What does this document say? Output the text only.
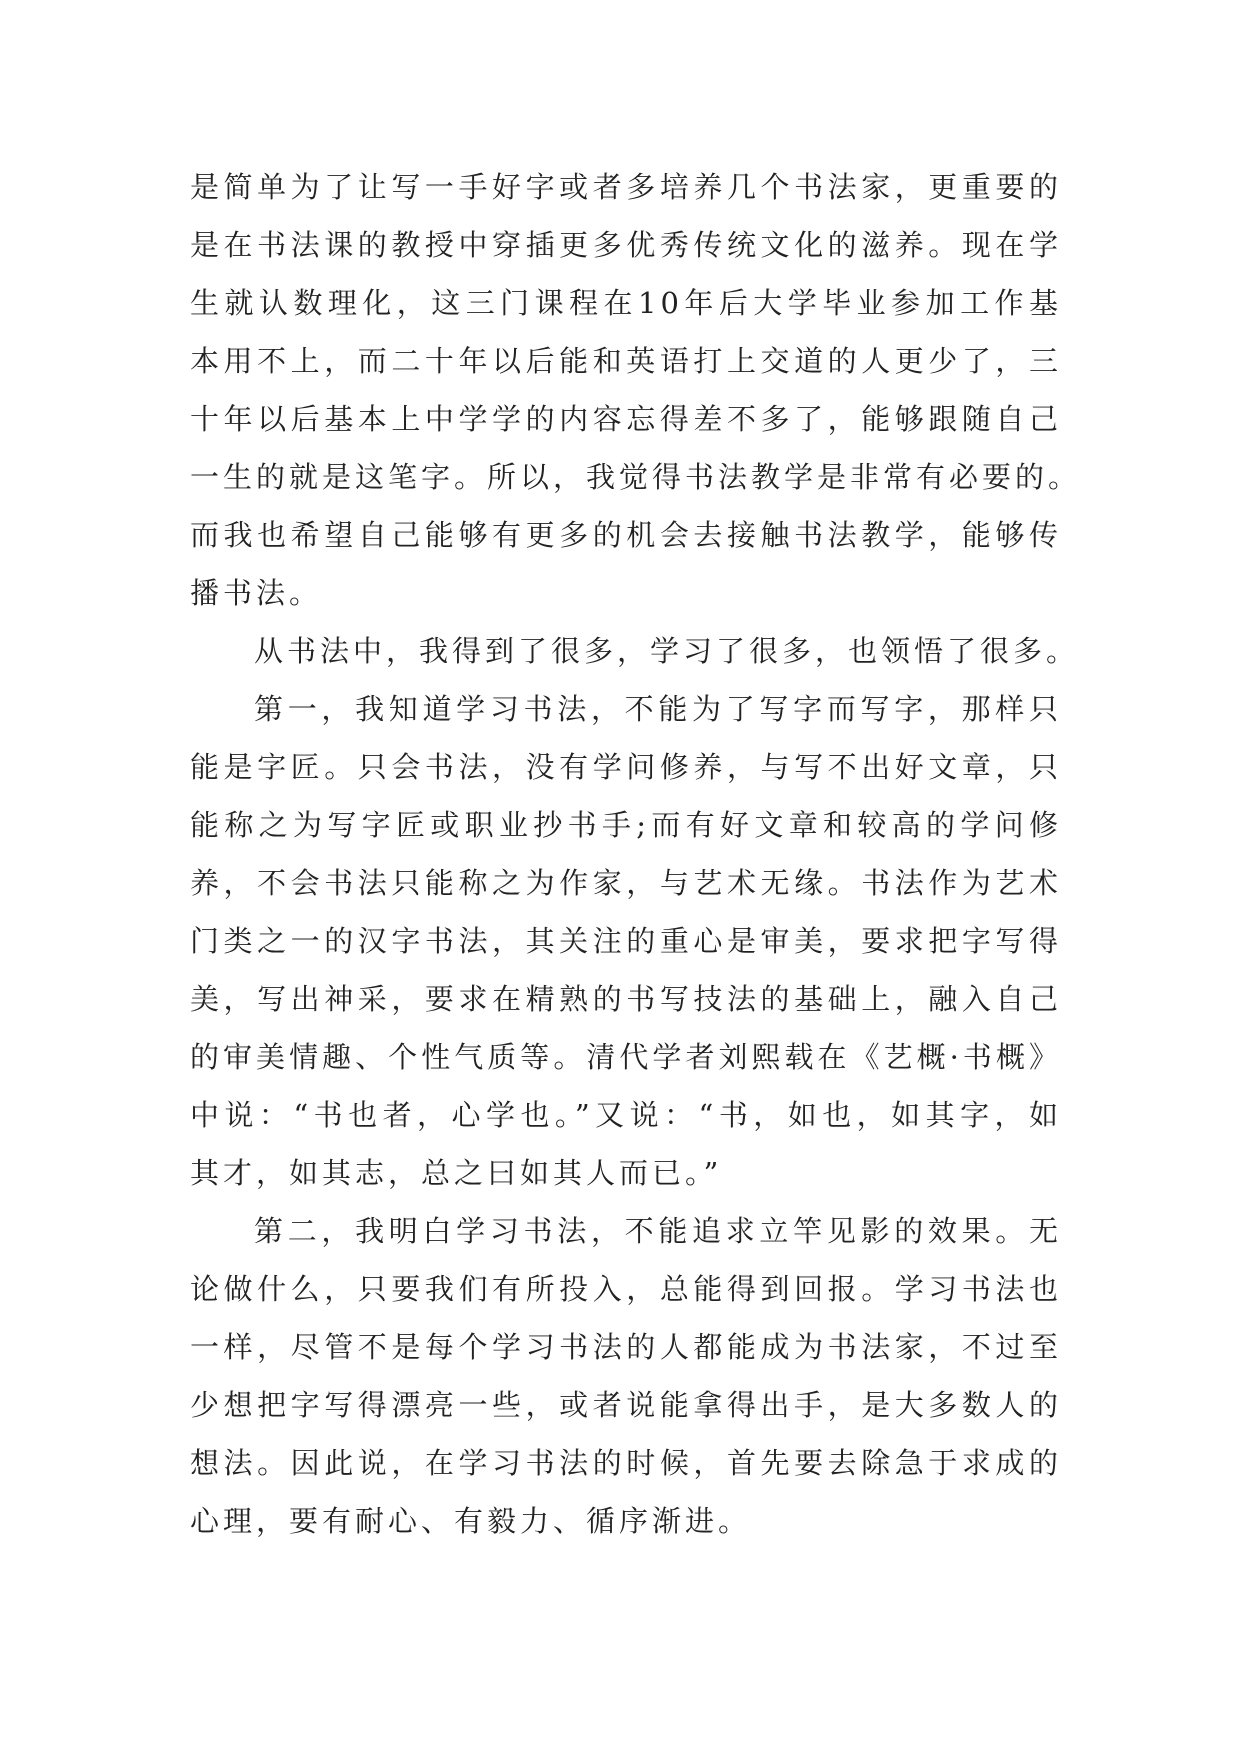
是简单为了让写一手好字或者多培养几个书法家，更重要的
是在书法课的教授中穿插更多优秀传统文化的滋养。现在学
生就认数理化，这三门课程在10年后大学毕业参加工作基
本用不上，而二十年以后能和英语打上交道的人更少了，三
十年以后基本上中学学的内容忘得差不多了，能够跟随自己
一生的就是这笔字。所以，我觉得书法教学是非常有必要的。
而我也希望自己能够有更多的机会去接触书法教学，能够传
播书法。
从书法中，我得到了很多，学习了很多，也领悟了很多。
第一，我知道学习书法，不能为了写字而写字，那样只
能是字匠。只会书法，没有学问修养，与写不出好文章，只
能称之为写字匠或职业抄书手;而有好文章和较高的学问修
养，不会书法只能称之为作家，与艺术无缘。书法作为艺术
门类之一的汉字书法，其关注的重心是审美，要求把字写得
美，写出神采，要求在精熟的书写技法的基础上，融入自己
的审美情趣、个性气质等。清代学者刘熙载在《艺概·书概》
中说：“书也者，心学也。”又说：“书，如也，如其字，如
其才，如其志，总之曰如其人而已。”
第二，我明白学习书法，不能追求立竿见影的效果。无
论做什么，只要我们有所投入，总能得到回报。学习书法也
一样，尽管不是每个学习书法的人都能成为书法家，不过至
少想把字写得漂亮一些，或者说能拿得出手，是大多数人的
想法。因此说，在学习书法的时候，首先要去除急于求成的
心理，要有耐心、有毅力、循序渐进。
